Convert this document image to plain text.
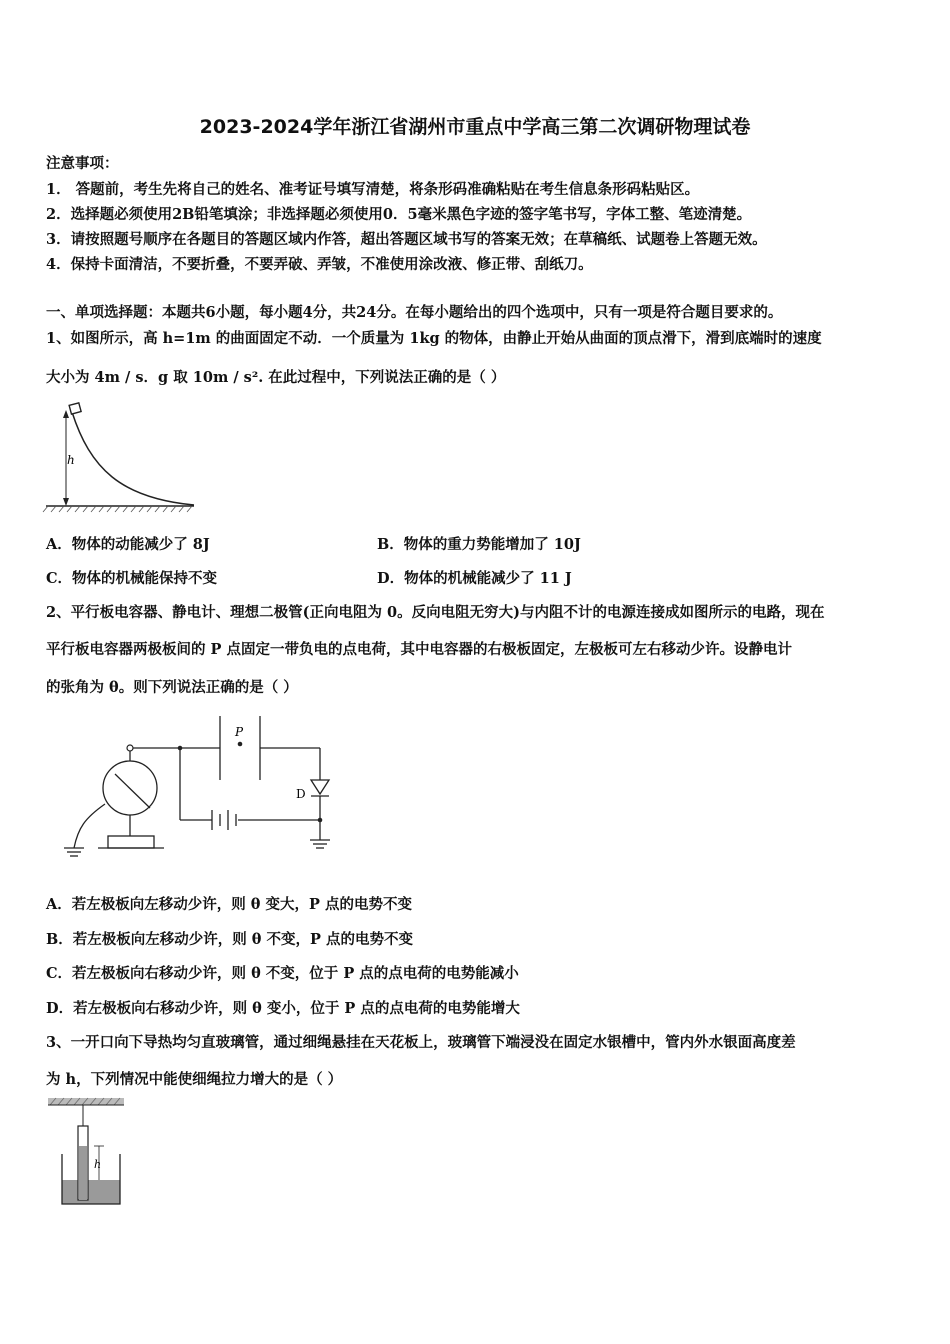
2023-2024学年浙江省湖州市重点中学高三第二次调研物理试卷
注意事项：
1． 答题前，考生先将自己的姓名、准考证号填写清楚，将条形码准确粘贴在考生信息条形码粘贴区。
2．选择题必须使用2B铅笔填涂；非选择题必须使用0．5毫米黑色字迹的签字笔书写，字体工整、笔迹清楚。
3．请按照题号顺序在各题目的答题区域内作答，超出答题区域书写的答案无效；在草稿纸、试题卷上答题无效。
4．保持卡面清洁，不要折叠，不要弄破、弄皱，不准使用涂改液、修正带、刮纸刀。
一、单项选择题：本题共6小题，每小题4分，共24分。在每小题给出的四个选项中，只有一项是符合题目要求的。
1、如图所示，高 h=1m 的曲面固定不动．一个质量为 1kg 的物体，由静止开始从曲面的顶点滑下，滑到底端时的速度
大小为 4m / s．g 取 10m / s². 在此过程中，下列说法正确的是（ ）
h
A．物体的动能减少了 8J	B．物体的重力势能增加了 10J
C．物体的机械能保持不变	D．物体的机械能减少了 11 J
2、平行板电容器、静电计、理想二极管(正向电阻为 0。反向电阻无穷大)与内阻不计的电源连接成如图所示的电路，现在
平行板电容器两极板间的 P 点固定一带负电的点电荷，其中电容器的右极板固定，左极板可左右移动少许。设静电计
的张角为 θ。则下列说法正确的是（ ）
P
D
A．若左极板向左移动少许，则 θ 变大，P 点的电势不变
B．若左极板向左移动少许，则 θ 不变，P 点的电势不变
C．若左极板向右移动少许，则 θ 不变，位于 P 点的点电荷的电势能减小
D．若左极板向右移动少许，则 θ 变小，位于 P 点的点电荷的电势能增大
3、一开口向下导热均匀直玻璃管，通过细绳悬挂在天花板上，玻璃管下端浸没在固定水银槽中，管内外水银面高度差
为 h，下列情况中能使细绳拉力增大的是（ ）
h
